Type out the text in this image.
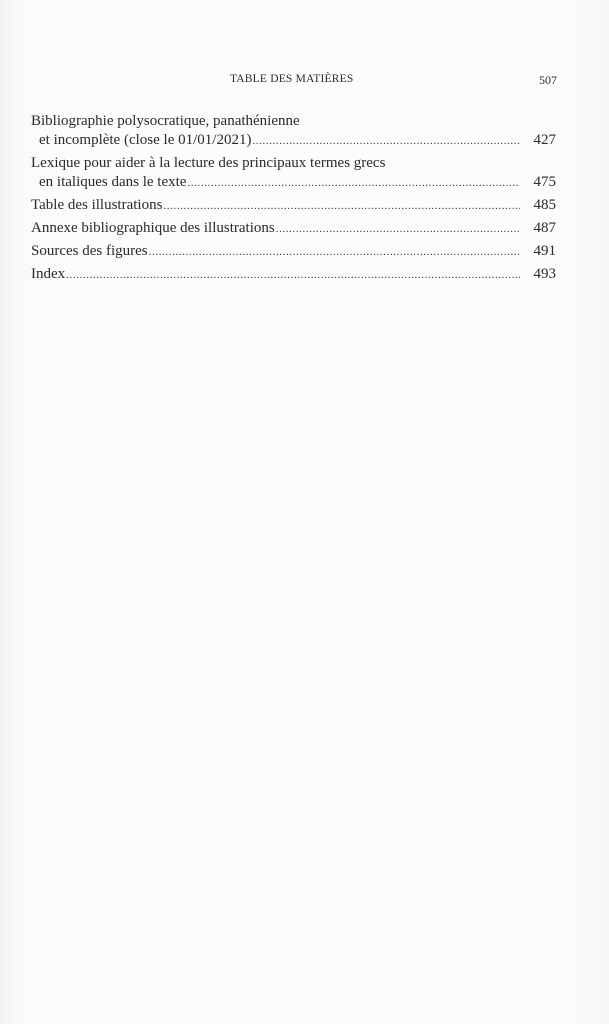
TABLE DES MATIÈRES	507
Bibliographie polysocratique, panathénienne
et incomplète (close le 01/01/2021) .....	427
Lexique pour aider à la lecture des principaux termes grecs
en italiques dans le texte .....	475
Table des illustrations .....	485
Annexe bibliographique des illustrations .....	487
Sources des figures .....	491
Index .....	493
